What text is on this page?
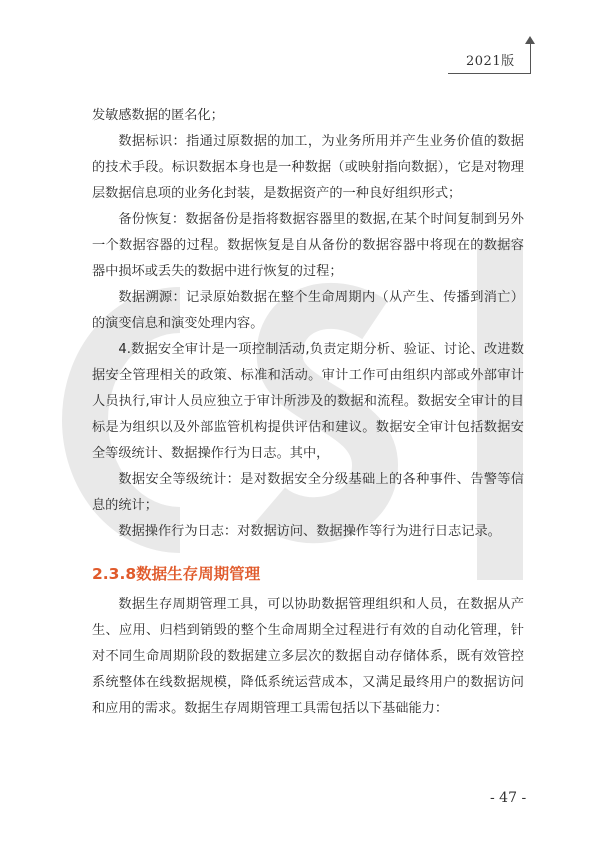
2021版

发敏感数据的匿名化；

数据标识：指通过原数据的加工，为业务所用并产生业务价值的数据的技术手段。标识数据本身也是一种数据（或映射指向数据），它是对物理层数据信息项的业务化封装，是数据资产的一种良好组织形式；

备份恢复：数据备份是指将数据容器里的数据,在某个时间复制到另外一个数据容器的过程。数据恢复是自从备份的数据容器中将现在的数据容器中损坏或丢失的数据中进行恢复的过程；

数据溯源：记录原始数据在整个生命周期内（从产生、传播到消亡）的演变信息和演变处理内容。

4.数据安全审计是一项控制活动,负责定期分析、验证、讨论、改进数据安全管理相关的政策、标准和活动。审计工作可由组织内部或外部审计人员执行,审计人员应独立于审计所涉及的数据和流程。数据安全审计的目标是为组织以及外部监管机构提供评估和建议。数据安全审计包括数据安全等级统计、数据操作行为日志。其中，

数据安全等级统计：是对数据安全分级基础上的各种事件、告警等信息的统计；

数据操作行为日志：对数据访问、数据操作等行为进行日志记录。

2.3.8数据生存周期管理

数据生存周期管理工具，可以协助数据管理组织和人员，在数据从产生、应用、归档到销毁的整个生命周期全过程进行有效的自动化管理，针对不同生命周期阶段的数据建立多层次的数据自动存储体系，既有效管控系统整体在线数据规模，降低系统运营成本，又满足最终用户的数据访问和应用的需求。数据生存周期管理工具需包括以下基础能力：

- 47 -
